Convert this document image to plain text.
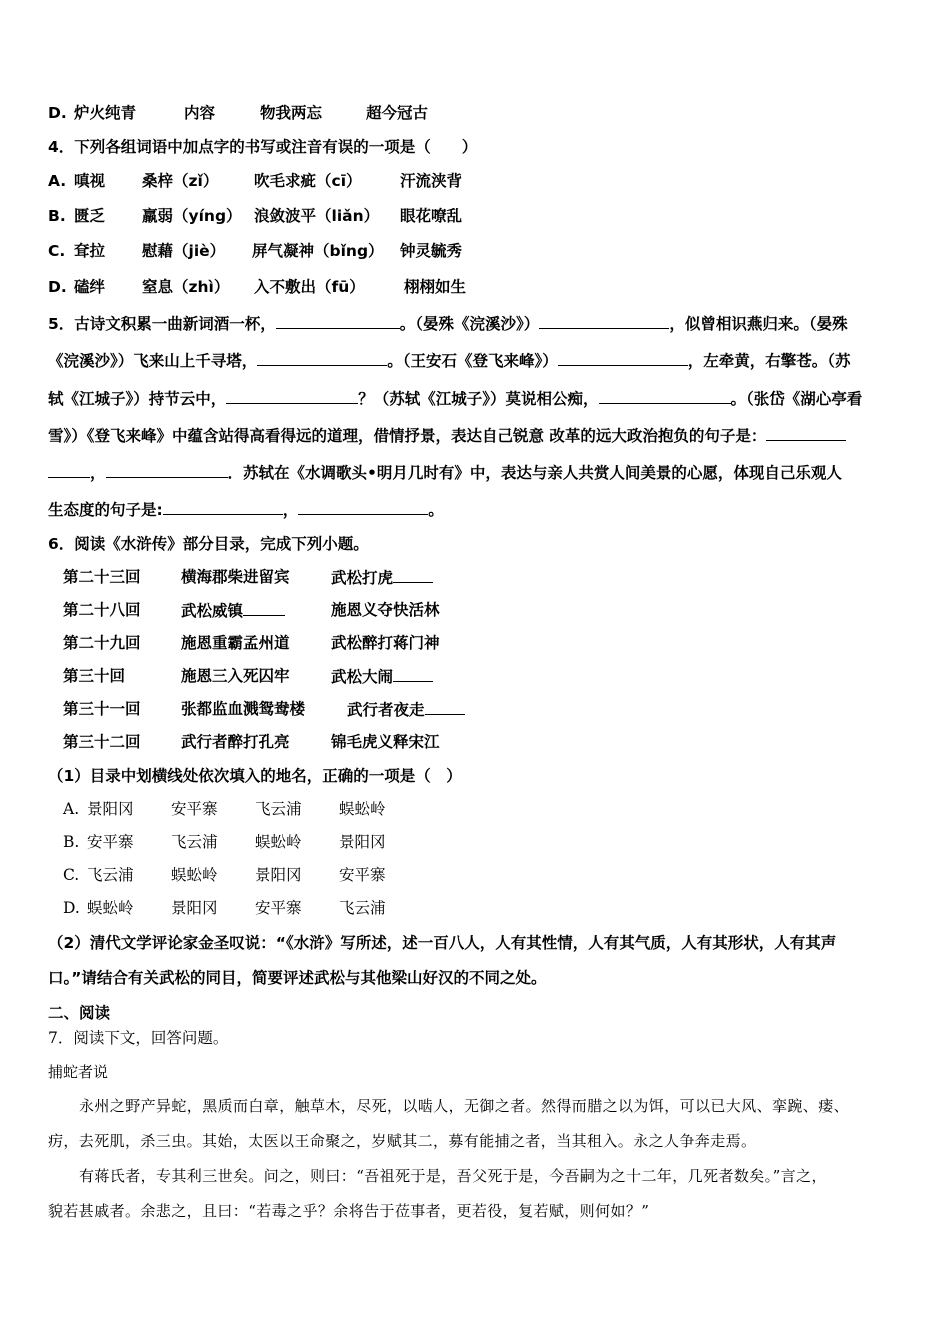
D. 炉火纯青	内容	物我两忘	超今冠古
4．下列各组词语中加点字的书写或注音有误的一项是（　　）
A. 嗔视 桑梓（zǐ） 吹毛求疵（cī） 汗流浃背
B. 匮乏 羸弱（yíng） 浪敛波平（liǎn） 眼花嘹乱
C. 耷拉 慰藉（jiè） 屏气凝神（bǐng） 钟灵毓秀
D. 磕绊 窒息（zhì） 入不敷出（fū）	栩栩如生
5．古诗文积累一曲新词酒一杯，	。（晏殊《浣溪沙》）	，似曾相识燕归来。（晏殊
《浣溪沙》）飞来山上千寻塔，	。（王安石《登飞来峰》）	，左牵黄，右擎苍。（苏
轼《江城子》）持节云中，	？（苏轼《江城子》）莫说相公痴，	。（张岱《湖心亭看
雪》）《登飞来峰》中蕴含站得高看得远的道理，借情抒景，表达自己锐意 改革的远大政治抱负的句子是：
，	．苏轼在《水调歌头•明月几时有》中，表达与亲人共赏人间美景的心愿，体现自己乐观人
生态度的句子是:	，	。
6．阅读《水浒传》部分目录，完成下列小题。
第二十三回	横海郡柴进留宾	武松打虎
第二十八回	武松威镇	施恩义夺快活林
第二十九回	施恩重霸孟州道	武松醉打蒋门神
第三十回	施恩三入死囚牢	武松大闹
第三十一回	张都监血溅鸳鸯楼	武行者夜走
第三十二回	武行者醉打孔亮	锦毛虎义释宋江
（1）目录中划横线处依次填入的地名，正确的一项是（　）
A. 景阳冈 安平寨 飞云浦 蜈蚣岭
B. 安平寨 飞云浦 蜈蚣岭 景阳冈
C. 飞云浦 蜈蚣岭 景阳冈 安平寨
D. 蜈蚣岭 景阳冈 安平寨 飞云浦
（2）清代文学评论家金圣叹说：“《水浒》写所述，述一百八人，人有其性情，人有其气质，人有其形状，人有其声
口。”请结合有关武松的同目，简要评述武松与其他梁山好汉的不同之处。
二、阅读
7．阅读下文，回答问题。
捕蛇者说
永州之野产异蛇，黑质而白章，触草木，尽死，以啮人，无御之者。然得而腊之以为饵，可以已大风、挛踠、瘘、
疠，去死肌，杀三虫。其始，太医以王命聚之，岁赋其二，募有能捕之者，当其租入。永之人争奔走焉。
有蒋氏者，专其利三世矣。问之，则曰：“吾祖死于是，吾父死于是，今吾嗣为之十二年，几死者数矣。”言之，
貌若甚戚者。余悲之，且曰：“若毒之乎？余将告于莅事者，更若役，复若赋，则何如？”
